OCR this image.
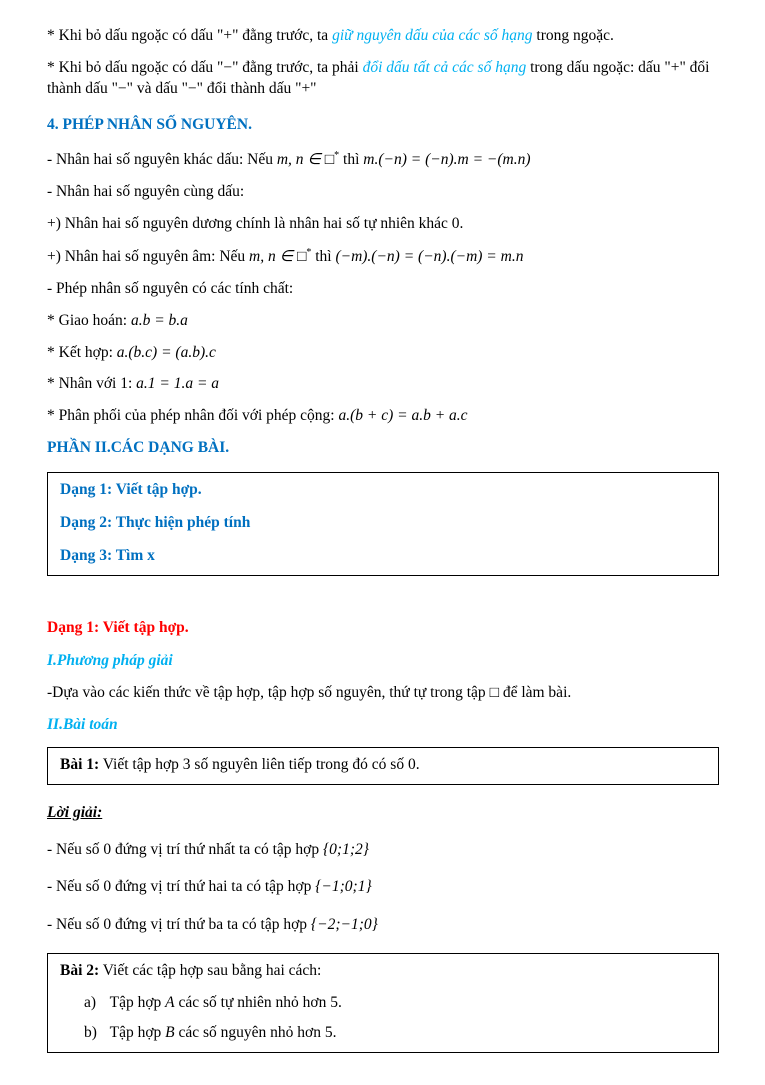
* Khi bỏ dấu ngoặc có dấu "+" đằng trước, ta giữ nguyên dấu của các số hạng trong ngoặc.

* Khi bỏ dấu ngoặc có dấu "−" đằng trước, ta phải đổi dấu tất cả các số hạng trong dấu ngoặc: dấu "+" đổi thành dấu "−" và dấu "−" đổi thành dấu "+"

4. PHÉP NHÂN SỐ NGUYÊN.

- Nhân hai số nguyên khác dấu: Nếu m, n ∈ □* thì m.(−n) = (−n).m = −(m.n)

- Nhân hai số nguyên cùng dấu:

+) Nhân hai số nguyên dương chính là nhân hai số tự nhiên khác 0.

+) Nhân hai số nguyên âm: Nếu m, n ∈ □* thì (−m).(−n) = (−n).(−m) = m.n

- Phép nhân số nguyên có các tính chất:

* Giao hoán: a.b = b.a

* Kết hợp: a.(b.c) = (a.b).c

* Nhân với 1: a.1 = 1.a = a

* Phân phối của phép nhân đối với phép cộng: a.(b + c) = a.b + a.c

PHẦN II.CÁC DẠNG BÀI.

Dạng 1: Viết tập hợp.

Dạng 2: Thực hiện phép tính

Dạng 3: Tìm x

Dạng 1: Viết tập hợp.

I.Phương pháp giải

-Dựa vào các kiến thức về tập hợp, tập hợp số nguyên, thứ tự trong tập □ để làm bài.

II.Bài toán

Bài 1: Viết tập hợp 3 số nguyên liên tiếp trong đó có số 0.

Lời giải:

- Nếu số 0 đứng vị trí thứ nhất ta có tập hợp {0;1;2}

- Nếu số 0 đứng vị trí thứ hai ta có tập hợp {−1;0;1}

- Nếu số 0 đứng vị trí thứ ba ta có tập hợp {−2;−1;0}

Bài 2: Viết các tập hợp sau bằng hai cách:

a) Tập hợp A các số tự nhiên nhỏ hơn 5.

b) Tập hợp B các số nguyên nhỏ hơn 5.
